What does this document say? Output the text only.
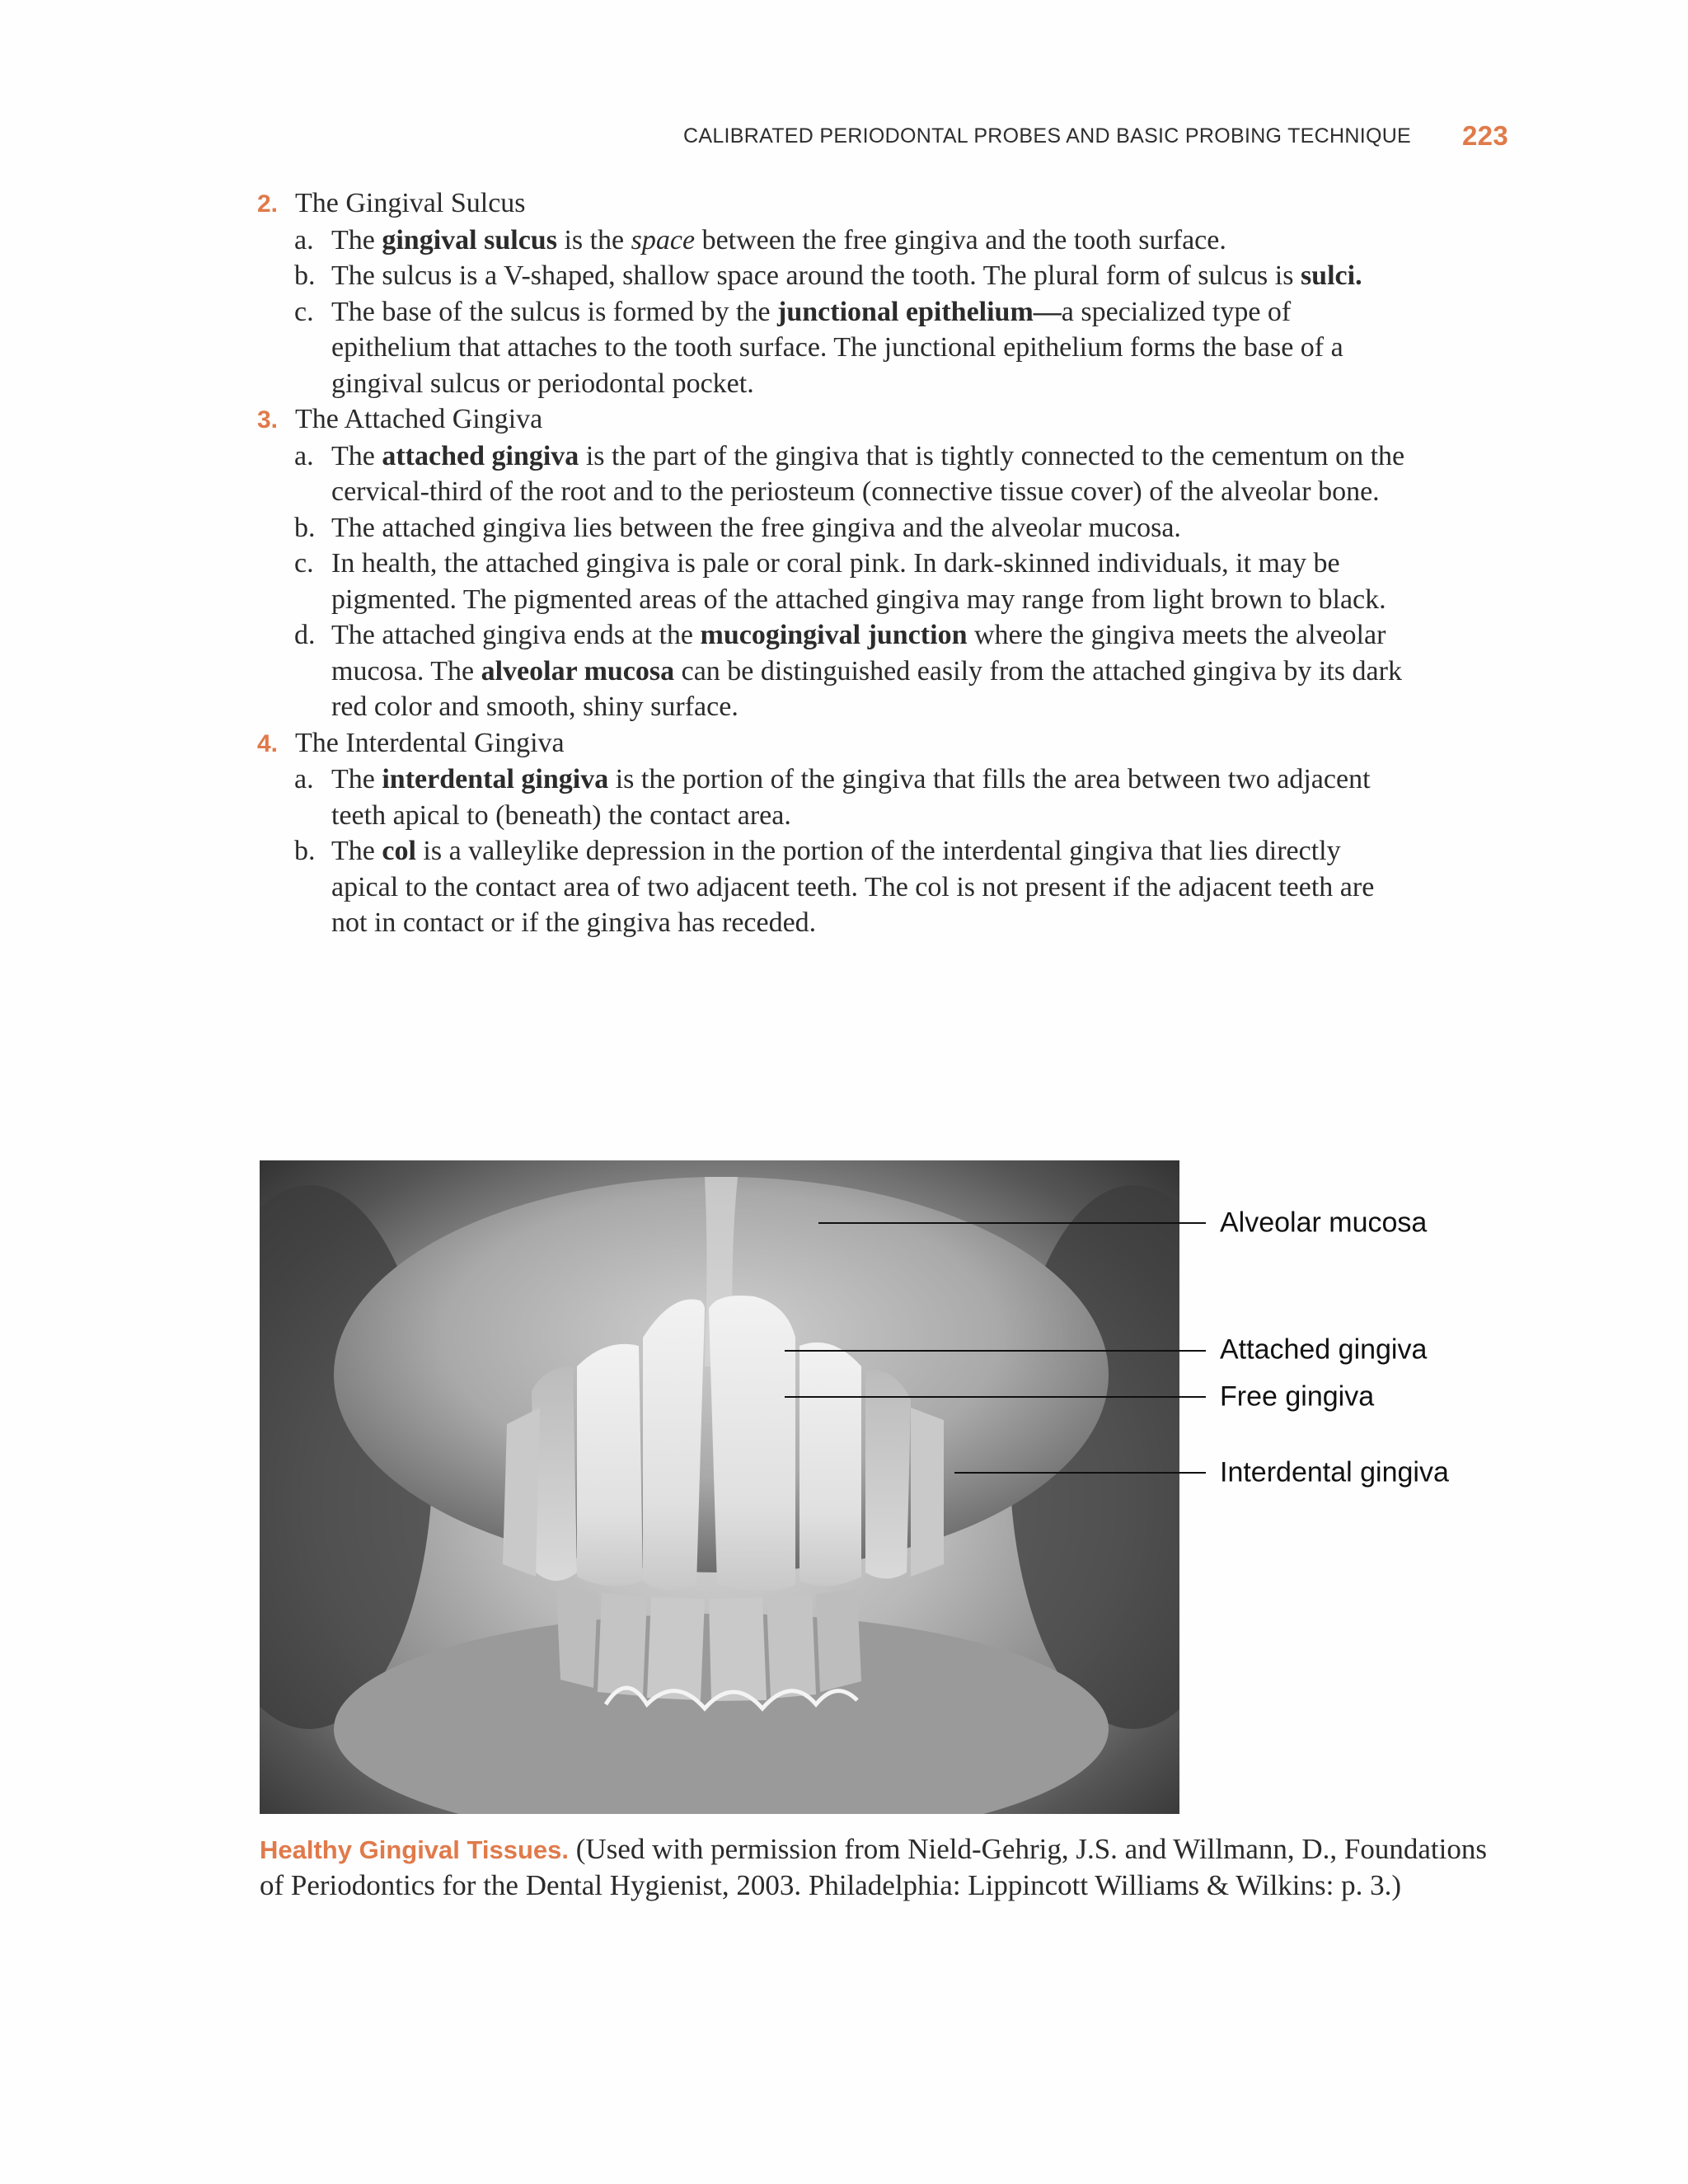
CALIBRATED PERIODONTAL PROBES AND BASIC PROBING TECHNIQUE 223
2. The Gingival Sulcus

a. The gingival sulcus is the space between the free gingiva and the tooth surface.

b. The sulcus is a V-shaped, shallow space around the tooth. The plural form of sulcus is sulci.

c. The base of the sulcus is formed by the junctional epithelium—a specialized type of epithelium that attaches to the tooth surface. The junctional epithelium forms the base of a gingival sulcus or periodontal pocket.

3. The Attached Gingiva

a. The attached gingiva is the part of the gingiva that is tightly connected to the cementum on the cervical-third of the root and to the periosteum (connective tissue cover) of the alveolar bone.

b. The attached gingiva lies between the free gingiva and the alveolar mucosa.

c. In health, the attached gingiva is pale or coral pink. In dark-skinned individuals, it may be pigmented. The pigmented areas of the attached gingiva may range from light brown to black.

d. The attached gingiva ends at the mucogingival junction where the gingiva meets the alveolar mucosa. The alveolar mucosa can be distinguished easily from the attached gingiva by its dark red color and smooth, shiny surface.

4. The Interdental Gingiva

a. The interdental gingiva is the portion of the gingiva that fills the area between two adjacent teeth apical to (beneath) the contact area.

b. The col is a valleylike depression in the portion of the interdental gingiva that lies directly apical to the contact area of two adjacent teeth. The col is not present if the adjacent teeth are not in contact or if the gingiva has receded.

Alveolar mucosa
Attached gingiva
Free gingiva
Interdental gingiva
Healthy Gingival Tissues. (Used with permission from Nield-Gehrig, J.S. and Willmann, D., Foundations of Periodontics for the Dental Hygienist, 2003. Philadelphia: Lippincott Williams & Wilkins: p. 3.)
